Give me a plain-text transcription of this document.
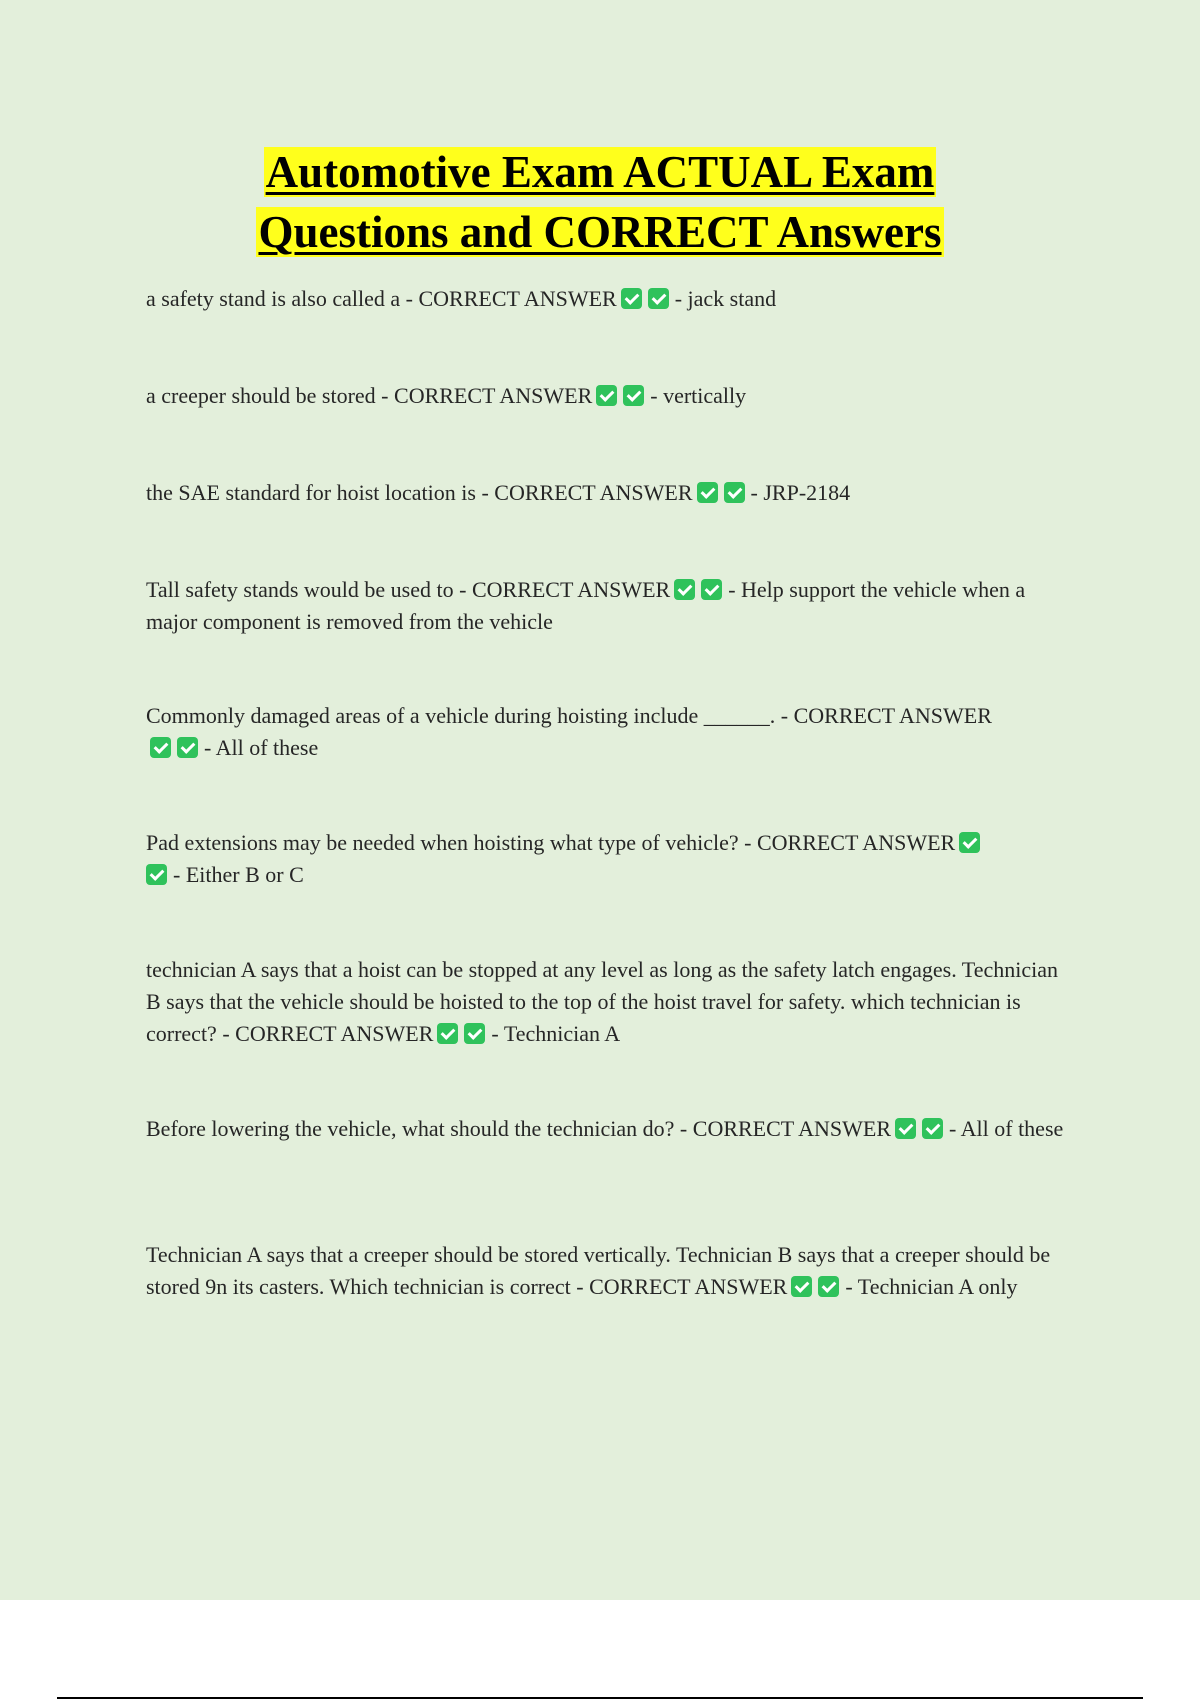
Automotive Exam ACTUAL Exam
Questions and CORRECT Answers

a safety stand is also called a - CORRECT ANSWER	- jack stand

a creeper should be stored - CORRECT ANSWER	- vertically

the SAE standard for hoist location is - CORRECT ANSWER	- JRP-2184

Tall safety stands would be used to - CORRECT ANSWER	- Help support the vehicle when a major component is removed from the vehicle

Commonly damaged areas of a vehicle during hoisting include ______. - CORRECT ANSWER- All of these

Pad extensions may be needed when hoisting what type of vehicle? - CORRECT ANSWER- Either B or C

technician A says that a hoist can be stopped at any level as long as the safety latch engages. Technician B says that the vehicle should be hoisted to the top of the hoist travel for safety. which technician is correct? - CORRECT ANSWER	- Technician A

Before lowering the vehicle, what should the technician do? - CORRECT ANSWER	- All of these

Technician A says that a creeper should be stored vertically. Technician B says that a creeper should be stored 9n its casters. Which technician is correct - CORRECT ANSWER	- Technician A only
